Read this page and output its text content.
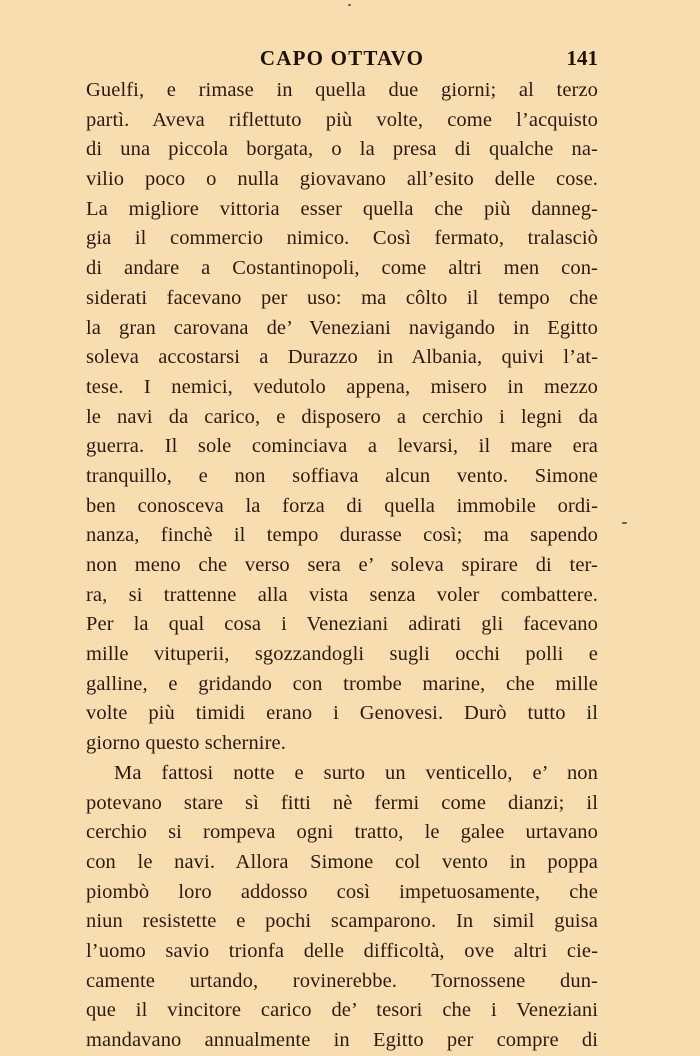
CAPO OTTAVO	141
Guelfi, e rimase in quella due giorni; al terzo
partì. Aveva riflettuto più volte, come l’acquisto
di una piccola borgata, o la presa di qualche na-
vilio poco o nulla giovavano all’esito delle cose.
La migliore vittoria esser quella che più danneg-
gia il commercio nimico. Così fermato, tralasciò
di andare a Costantinopoli, come altri men con-
siderati facevano per uso: ma côlto il tempo che
la gran carovana de’ Veneziani navigando in Egitto
soleva accostarsi a Durazzo in Albania, quivi l’at-
tese. I nemici, vedutolo appena, misero in mezzo
le navi da carico, e disposero a cerchio i legni da
guerra. Il sole cominciava a levarsi, il mare era
tranquillo, e non soffiava alcun vento. Simone
ben conosceva la forza di quella immobile ordi-
nanza, finchè il tempo durasse così; ma sapendo
non meno che verso sera e’ soleva spirare di ter-
ra, si trattenne alla vista senza voler combattere.
Per la qual cosa i Veneziani adirati gli facevano
mille vituperii, sgozzandogli sugli occhi polli e
galline, e gridando con trombe marine, che mille
volte più timidi erano i Genovesi. Durò tutto il
giorno questo schernire.
Ma fattosi notte e surto un venticello, e’ non
potevano stare sì fitti nè fermi come dianzi; il
cerchio si rompeva ogni tratto, le galee urtavano
con le navi. Allora Simone col vento in poppa
piombò loro addosso così impetuosamente, che
niun resistette e pochi scamparono. In simil guisa
l’uomo savio trionfa delle difficoltà, ove altri cie-
camente urtando, rovinerebbe. Tornossene dun-
que il vincitore carico de’ tesori che i Veneziani
mandavano annualmente in Egitto per compre di
